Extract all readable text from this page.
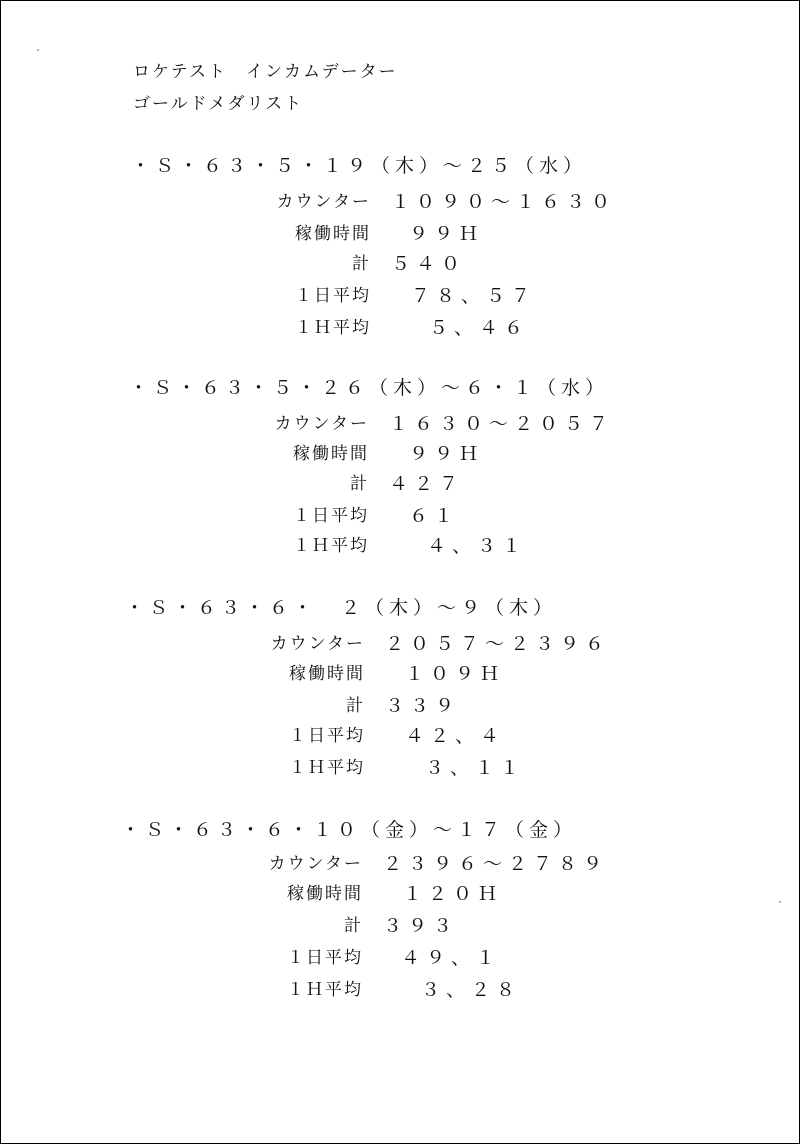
ロケテスト　インカムデーター
ゴールドメダリスト
・Ｓ・６３・５・１９（木）～２５（水）
カウンター １０９０～１６３０
稼働時間 ９９Ｈ
計 ５４０
１日平均 ７８、５７
１Ｈ平均	５、４６
・Ｓ・６３・５・２６（木）～６・１（水）
カウンター １６３０～２０５７
稼働時間 ９９Ｈ
計 ４２７
１日平均 ６１
１Ｈ平均	４、３１
・Ｓ・６３・６・　２（木）～９（木）
カウンター ２０５７～２３９６
稼働時間 １０９Ｈ
計 ３３９
１日平均 ４２、４
１Ｈ平均	３、１１
・Ｓ・６３・６・１０（金）～１７（金）
カウンター ２３９６～２７８９
稼働時間 １２０Ｈ
計 ３９３
１日平均 ４９、１
１Ｈ平均	３、２８
